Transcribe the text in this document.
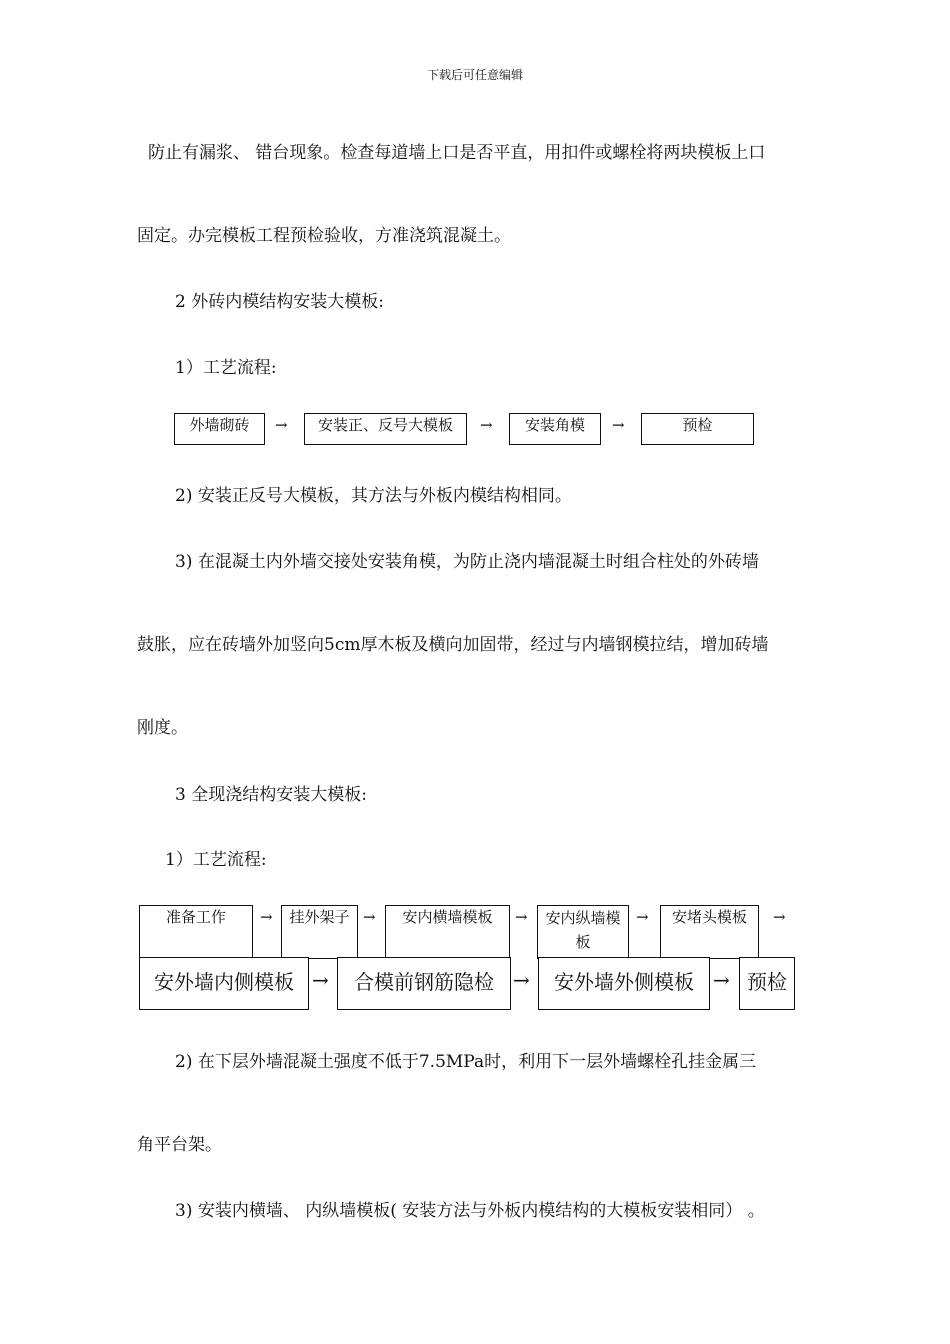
下载后可任意编辑
防止有漏浆、 错台现象。检查每道墙上口是否平直，用扣件或螺栓将两块模板上口
固定。办完模板工程预检验收，方准浇筑混凝土。
2 外砖内模结构安装大模板:
1）工艺流程:
外墙砌砖	→	安装正、反号大模板	→	安装角模	→	预检
2) 安装正反号大模板，其方法与外板内模结构相同。
3) 在混凝土内外墙交接处安装角模，为防止浇内墙混凝土时组合柱处的外砖墙
鼓胀，应在砖墙外加竖向5cm厚木板及横向加固带，经过与内墙钢模拉结，增加砖墙
刚度。
3 全现浇结构安装大模板:
1）工艺流程:
准备工作	→	挂外架子 →	安内横墙模板	→	安内纵墙模
板
→	安堵头模板	→
安外墙内侧模板 →	合模前钢筋隐检 →	安外墙外侧模板 → 预检
2) 在下层外墙混凝土强度不低于7.5MPa时，利用下一层外墙螺栓孔挂金属三
角平台架。
3) 安装内横墙、 内纵墙模板( 安装方法与外板内模结构的大模板安装相同） 。
